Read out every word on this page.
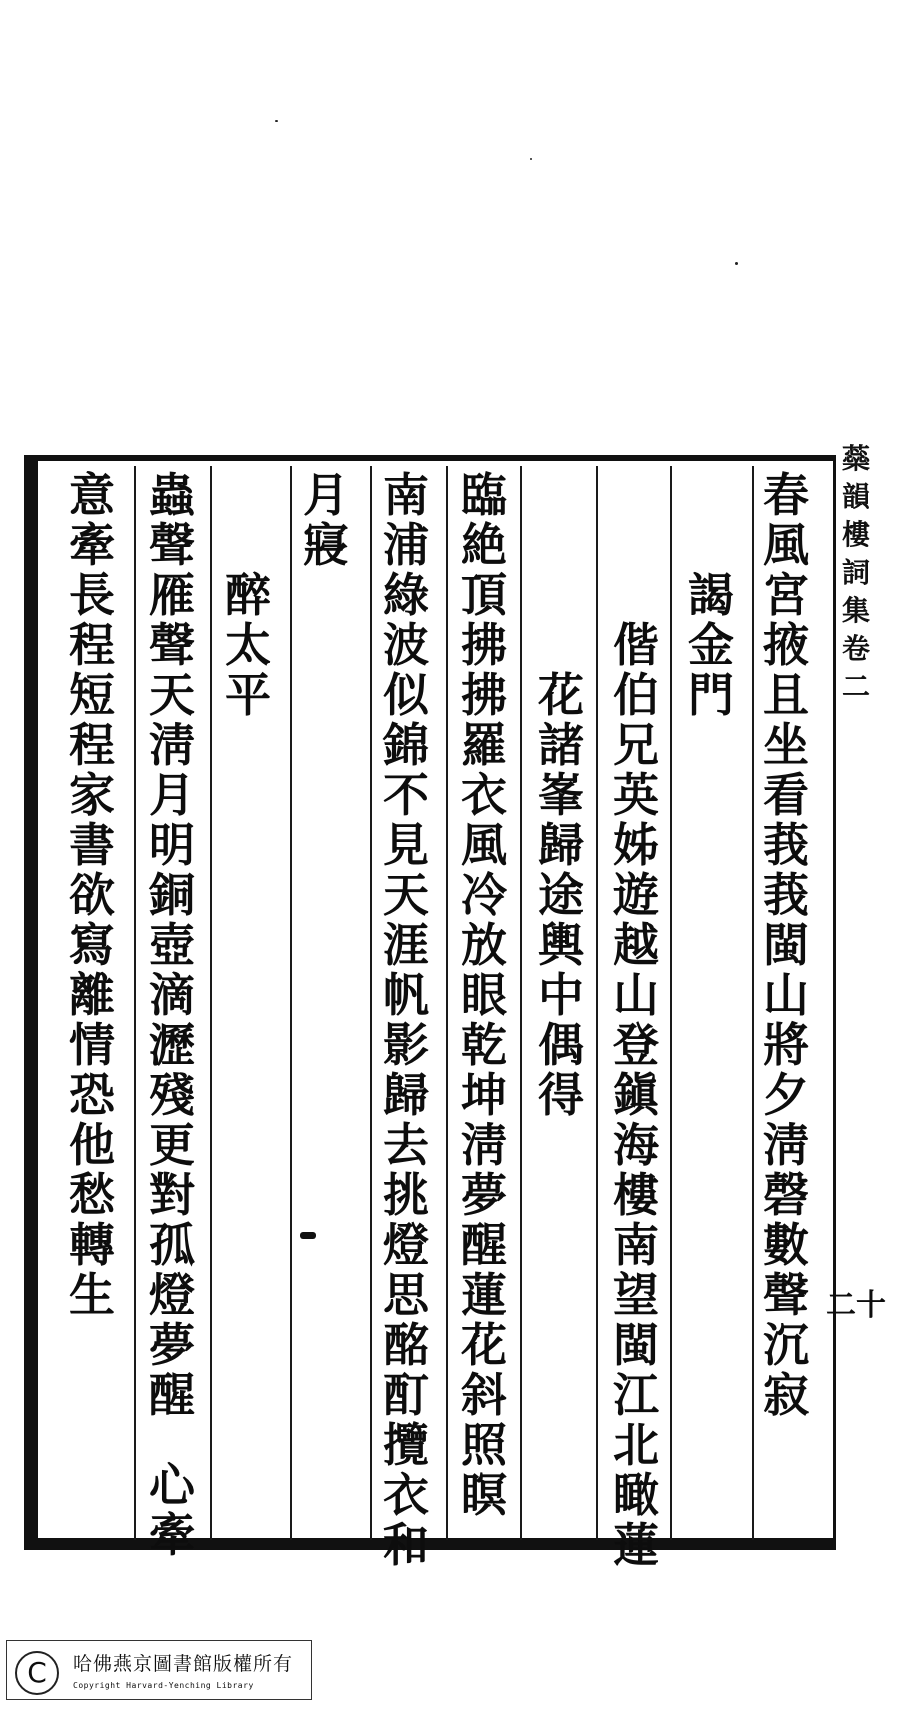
春
風
宮
掖
且
坐
看
莪
莪
閩
山
將
夕
淸
磬
數
聲
沉
寂
謁
金
門
偕
伯
兄
英
姊
遊
越
山
登
鎭
海
樓
南
望
閩
江
北
瞰
蓮
花
諸
峯
歸
途
輿
中
偶
得
臨
絶
頂
拂
拂
羅
衣
風
冷
放
眼
乾
坤
淸
夢
醒
蓮
花
斜
照
瞑
南
浦
綠
波
似
錦
不
見
天
涯
帆
影
歸
去
挑
燈
思
酩
酊
攬
衣
和
月
寢
醉
太
平
蟲
聲
雁
聲
天
淸
月
明
銅
壺
滴
瀝
殘
更
對
孤
燈
夢
醒
心
牽
意
牽
長
程
短
程
家
書
欲
寫
離
情
恐
他
愁
轉
生
蘂
韻
樓
詞
集
卷
二
二十
C	哈佛燕京圖書館版權所有
Copyright Harvard-Yenching Library
